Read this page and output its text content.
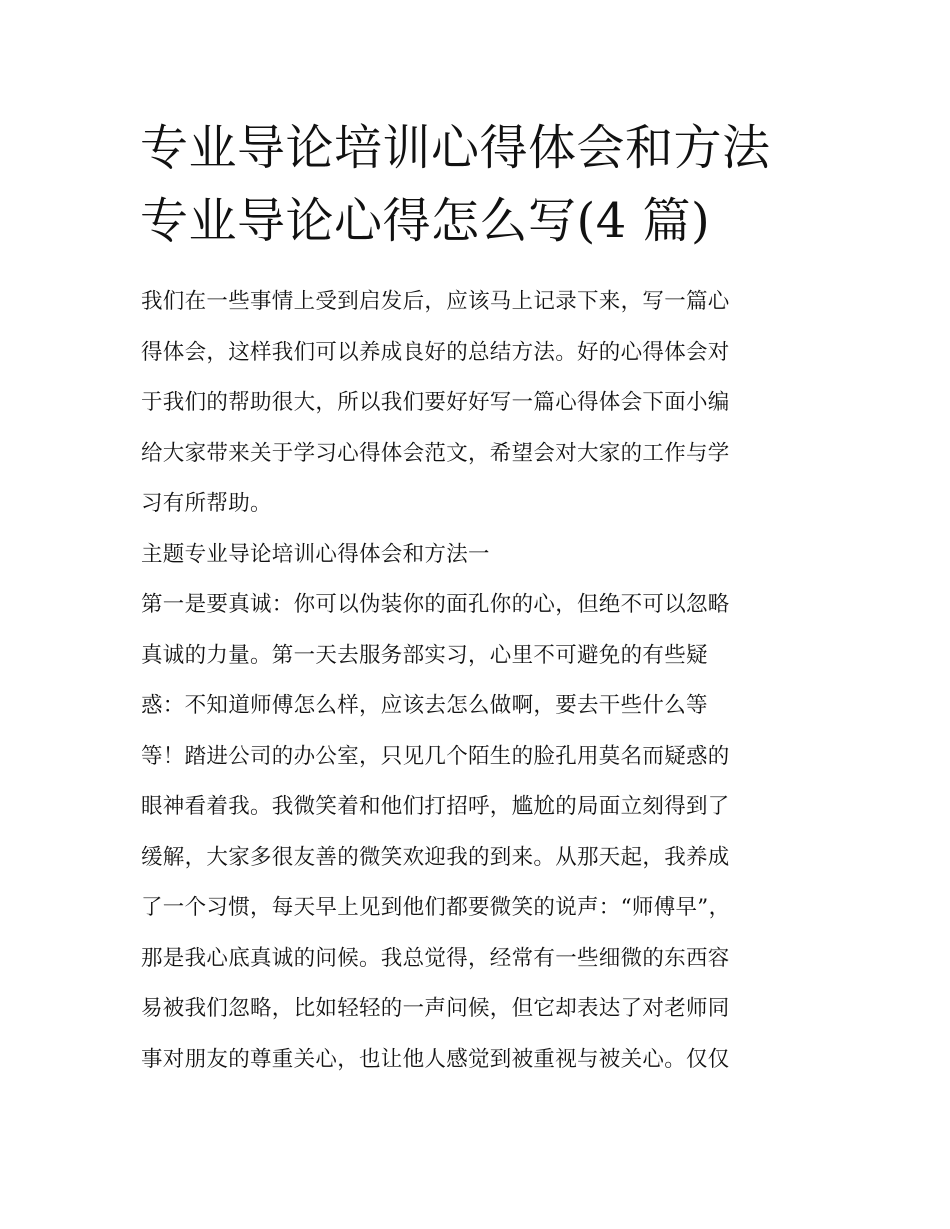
专业导论培训心得体会和方法
专业导论心得怎么写(4 篇)
我们在一些事情上受到启发后，应该马上记录下来，写一篇心
得体会，这样我们可以养成良好的总结方法。好的心得体会对
于我们的帮助很大，所以我们要好好写一篇心得体会下面小编
给大家带来关于学习心得体会范文，希望会对大家的工作与学
习有所帮助。
主题专业导论培训心得体会和方法一
第一是要真诚：你可以伪装你的面孔你的心，但绝不可以忽略
真诚的力量。第一天去服务部实习，心里不可避免的有些疑
惑：不知道师傅怎么样，应该去怎么做啊，要去干些什么等
等！踏进公司的办公室，只见几个陌生的脸孔用莫名而疑惑的
眼神看着我。我微笑着和他们打招呼，尴尬的局面立刻得到了
缓解，大家多很友善的微笑欢迎我的到来。从那天起，我养成
了一个习惯，每天早上见到他们都要微笑的说声：“师傅早”，
那是我心底真诚的问候。我总觉得，经常有一些细微的东西容
易被我们忽略，比如轻轻的一声问候，但它却表达了对老师同
事对朋友的尊重关心，也让他人感觉到被重视与被关心。仅仅
